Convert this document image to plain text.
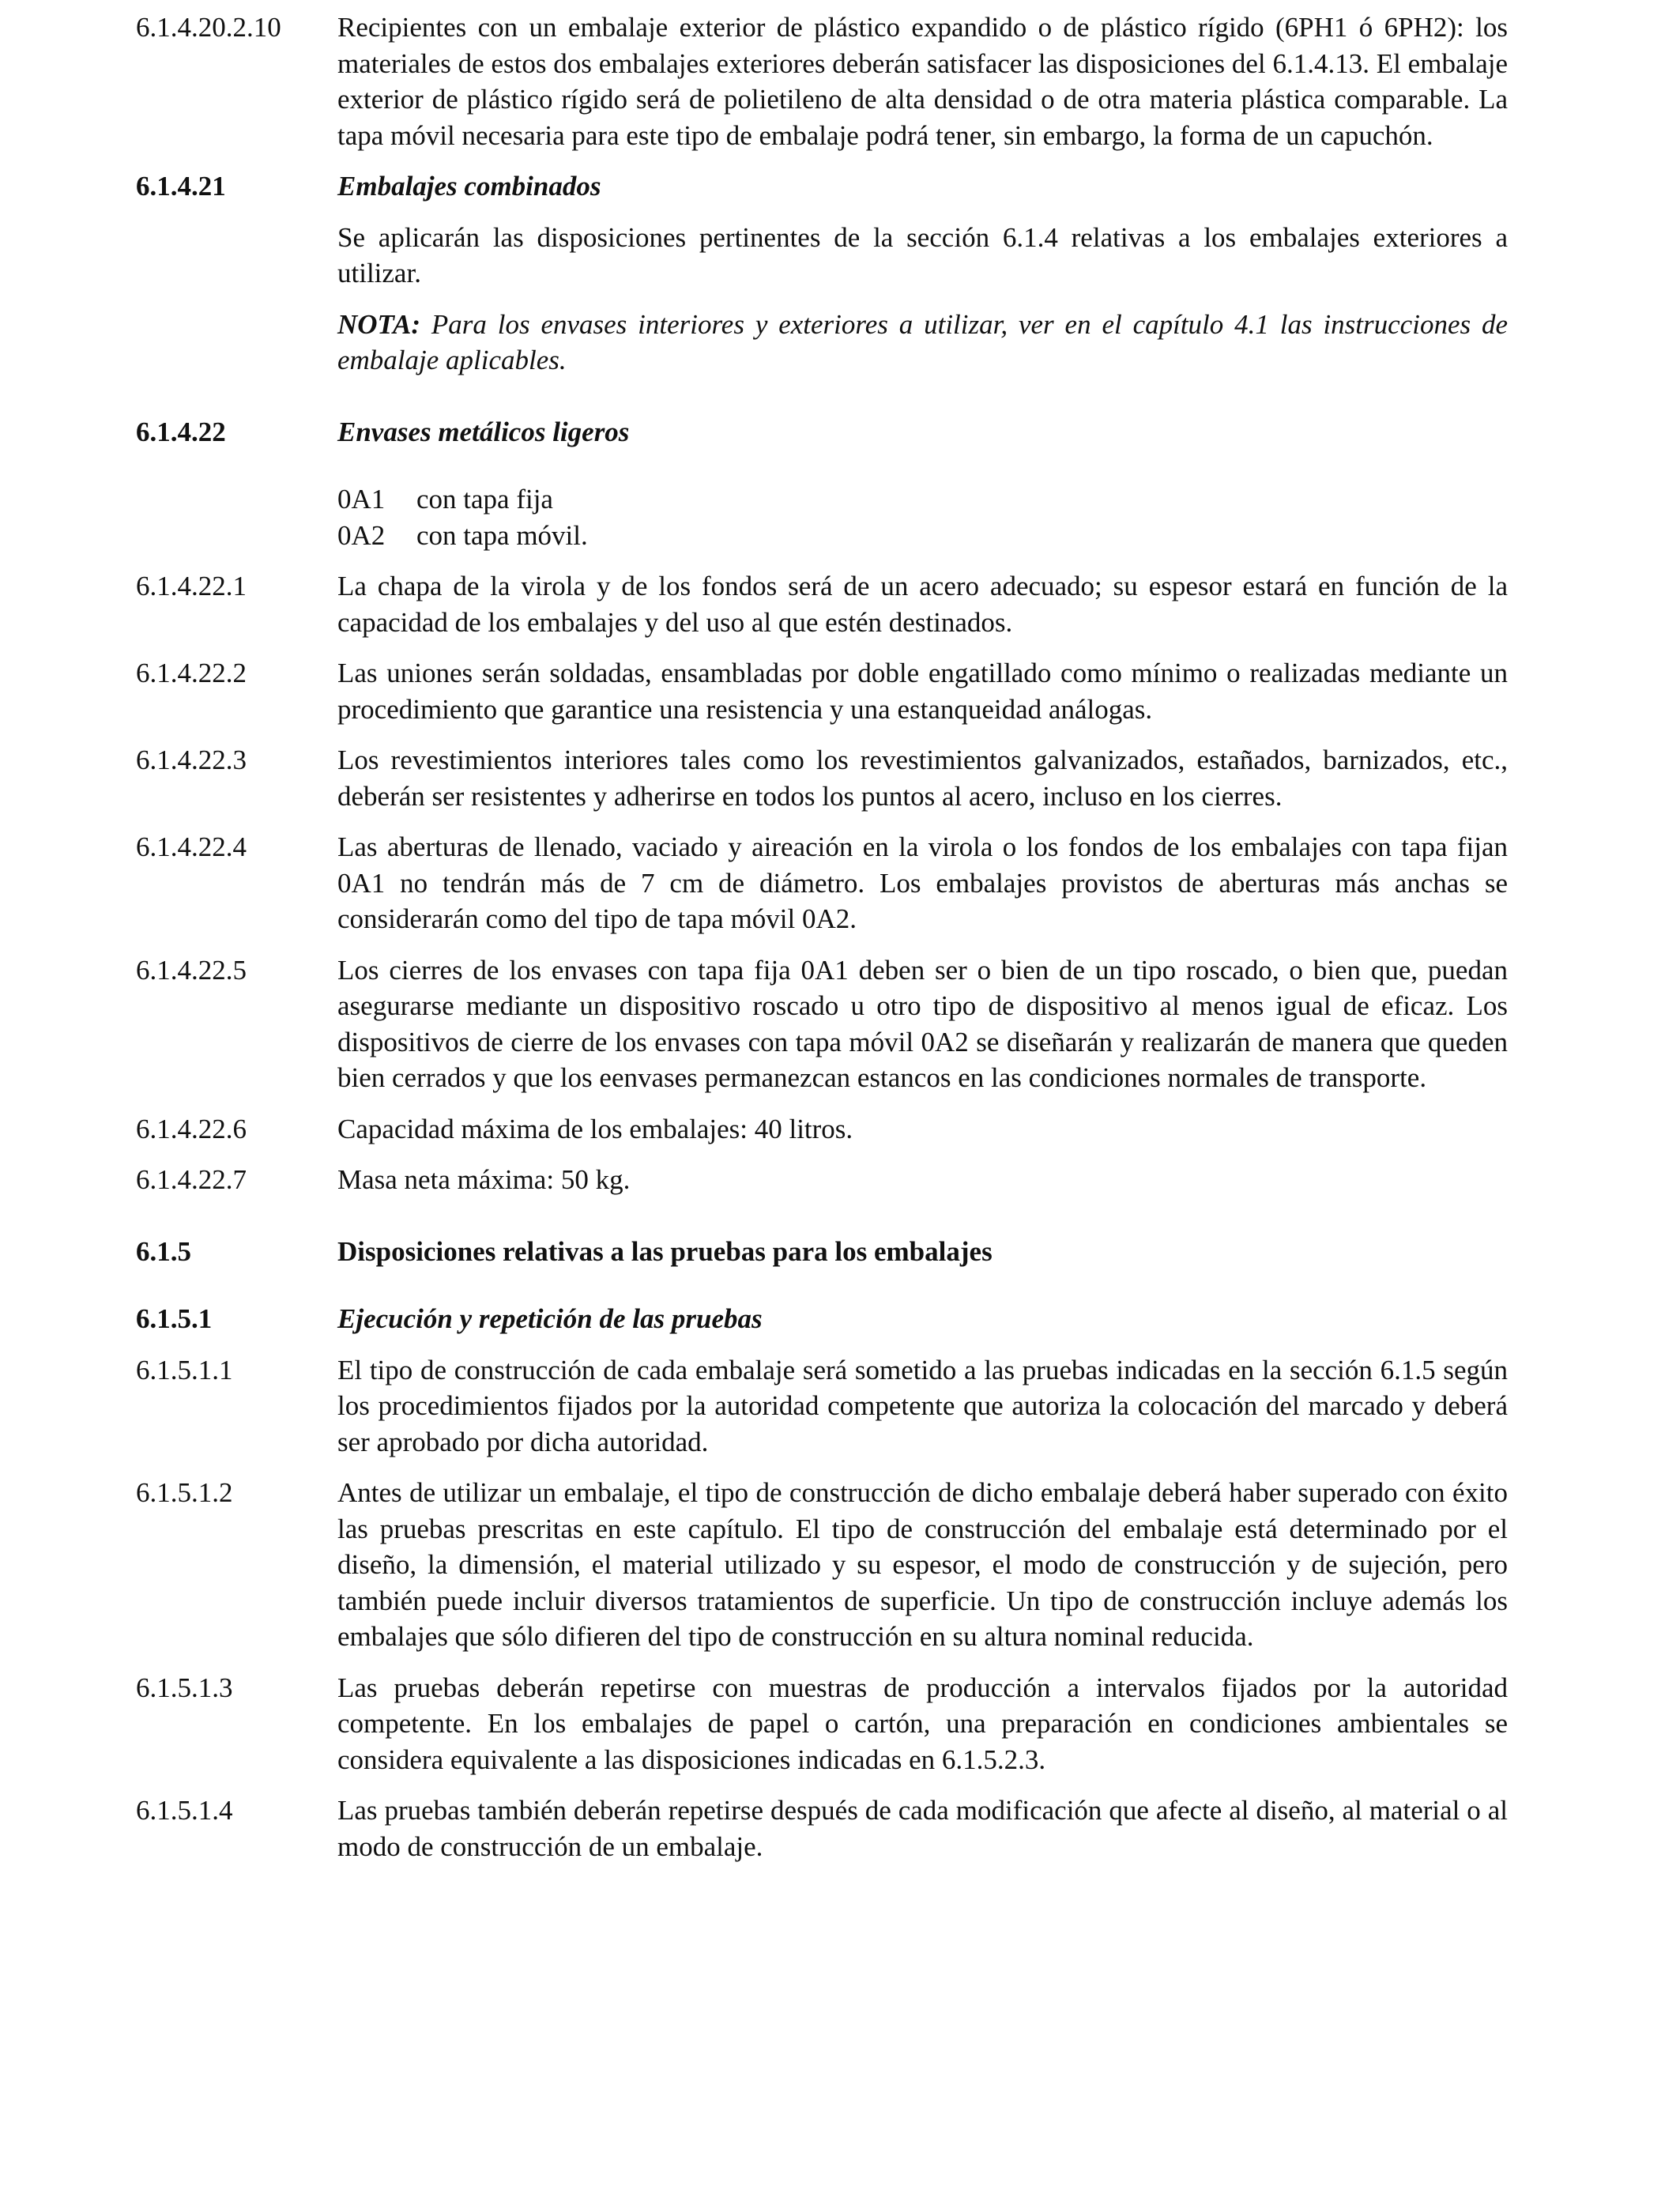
6.1.4.20.2.10	Recipientes con un embalaje exterior de plástico expandido o de plástico rígido (6PH1 ó 6PH2): los materiales de estos dos embalajes exteriores deberán satisfacer las disposiciones del 6.1.4.13. El embalaje exterior de plástico rígido será de polietileno de alta densidad o de otra materia plástica comparable. La tapa móvil necesaria para este tipo de embalaje podrá tener, sin embargo, la forma de un capuchón.
6.1.4.21	Embalajes combinados
Se aplicarán las disposiciones pertinentes de la sección 6.1.4 relativas a los embalajes exteriores a utilizar.
NOTA: Para los envases interiores y exteriores a utilizar, ver en el capítulo 4.1 las instrucciones de embalaje aplicables.
6.1.4.22	Envases metálicos ligeros
0A1	con tapa fija
0A2	con tapa móvil.
6.1.4.22.1	La chapa de la virola y de los fondos será de un acero adecuado; su espesor estará en función de la capacidad de los embalajes y del uso al que estén destinados.
6.1.4.22.2	Las uniones serán soldadas, ensambladas por doble engatillado como mínimo o realizadas mediante un procedimiento que garantice una resistencia y una estanqueidad análogas.
6.1.4.22.3	Los revestimientos interiores tales como los revestimientos galvanizados, estañados, barnizados, etc., deberán ser resistentes y adherirse en todos los puntos al acero, incluso en los cierres.
6.1.4.22.4	Las aberturas de llenado, vaciado y aireación en la virola o los fondos de los embalajes con tapa fijan 0A1 no tendrán más de 7 cm de diámetro. Los embalajes provistos de aberturas más anchas se considerarán como del tipo de tapa móvil 0A2.
6.1.4.22.5	Los cierres de los envases con tapa fija 0A1 deben ser o bien de un tipo roscado, o bien que, puedan asegurarse mediante un dispositivo roscado u otro tipo de dispositivo al menos igual de eficaz. Los dispositivos de cierre de los envases con tapa móvil 0A2 se diseñarán y realizarán de manera que queden bien cerrados y que los eenvases permanezcan estancos en las condiciones normales de transporte.
6.1.4.22.6	Capacidad máxima de los embalajes: 40 litros.
6.1.4.22.7	Masa neta máxima: 50 kg.
6.1.5	Disposiciones relativas a las pruebas para los embalajes
6.1.5.1	Ejecución y repetición de las pruebas
6.1.5.1.1	El tipo de construcción de cada embalaje será sometido a las pruebas indicadas en la sección 6.1.5 según los procedimientos fijados por la autoridad competente que autoriza la colocación del marcado y deberá ser aprobado por dicha autoridad.
6.1.5.1.2	Antes de utilizar un embalaje, el tipo de construcción de dicho embalaje deberá haber superado con éxito las pruebas prescritas en este capítulo. El tipo de construcción del embalaje está determinado por el diseño, la dimensión, el material utilizado y su espesor, el modo de construcción y de sujeción, pero también puede incluir diversos tratamientos de superficie. Un tipo de construcción incluye además los embalajes que sólo difieren del tipo de construcción en su altura nominal reducida.
6.1.5.1.3	Las pruebas deberán repetirse con muestras de producción a intervalos fijados por la autoridad competente. En los embalajes de papel o cartón, una preparación en condiciones ambientales se considera equivalente a las disposiciones indicadas en 6.1.5.2.3.
6.1.5.1.4	Las pruebas también deberán repetirse después de cada modificación que afecte al diseño, al material o al modo de construcción de un embalaje.
